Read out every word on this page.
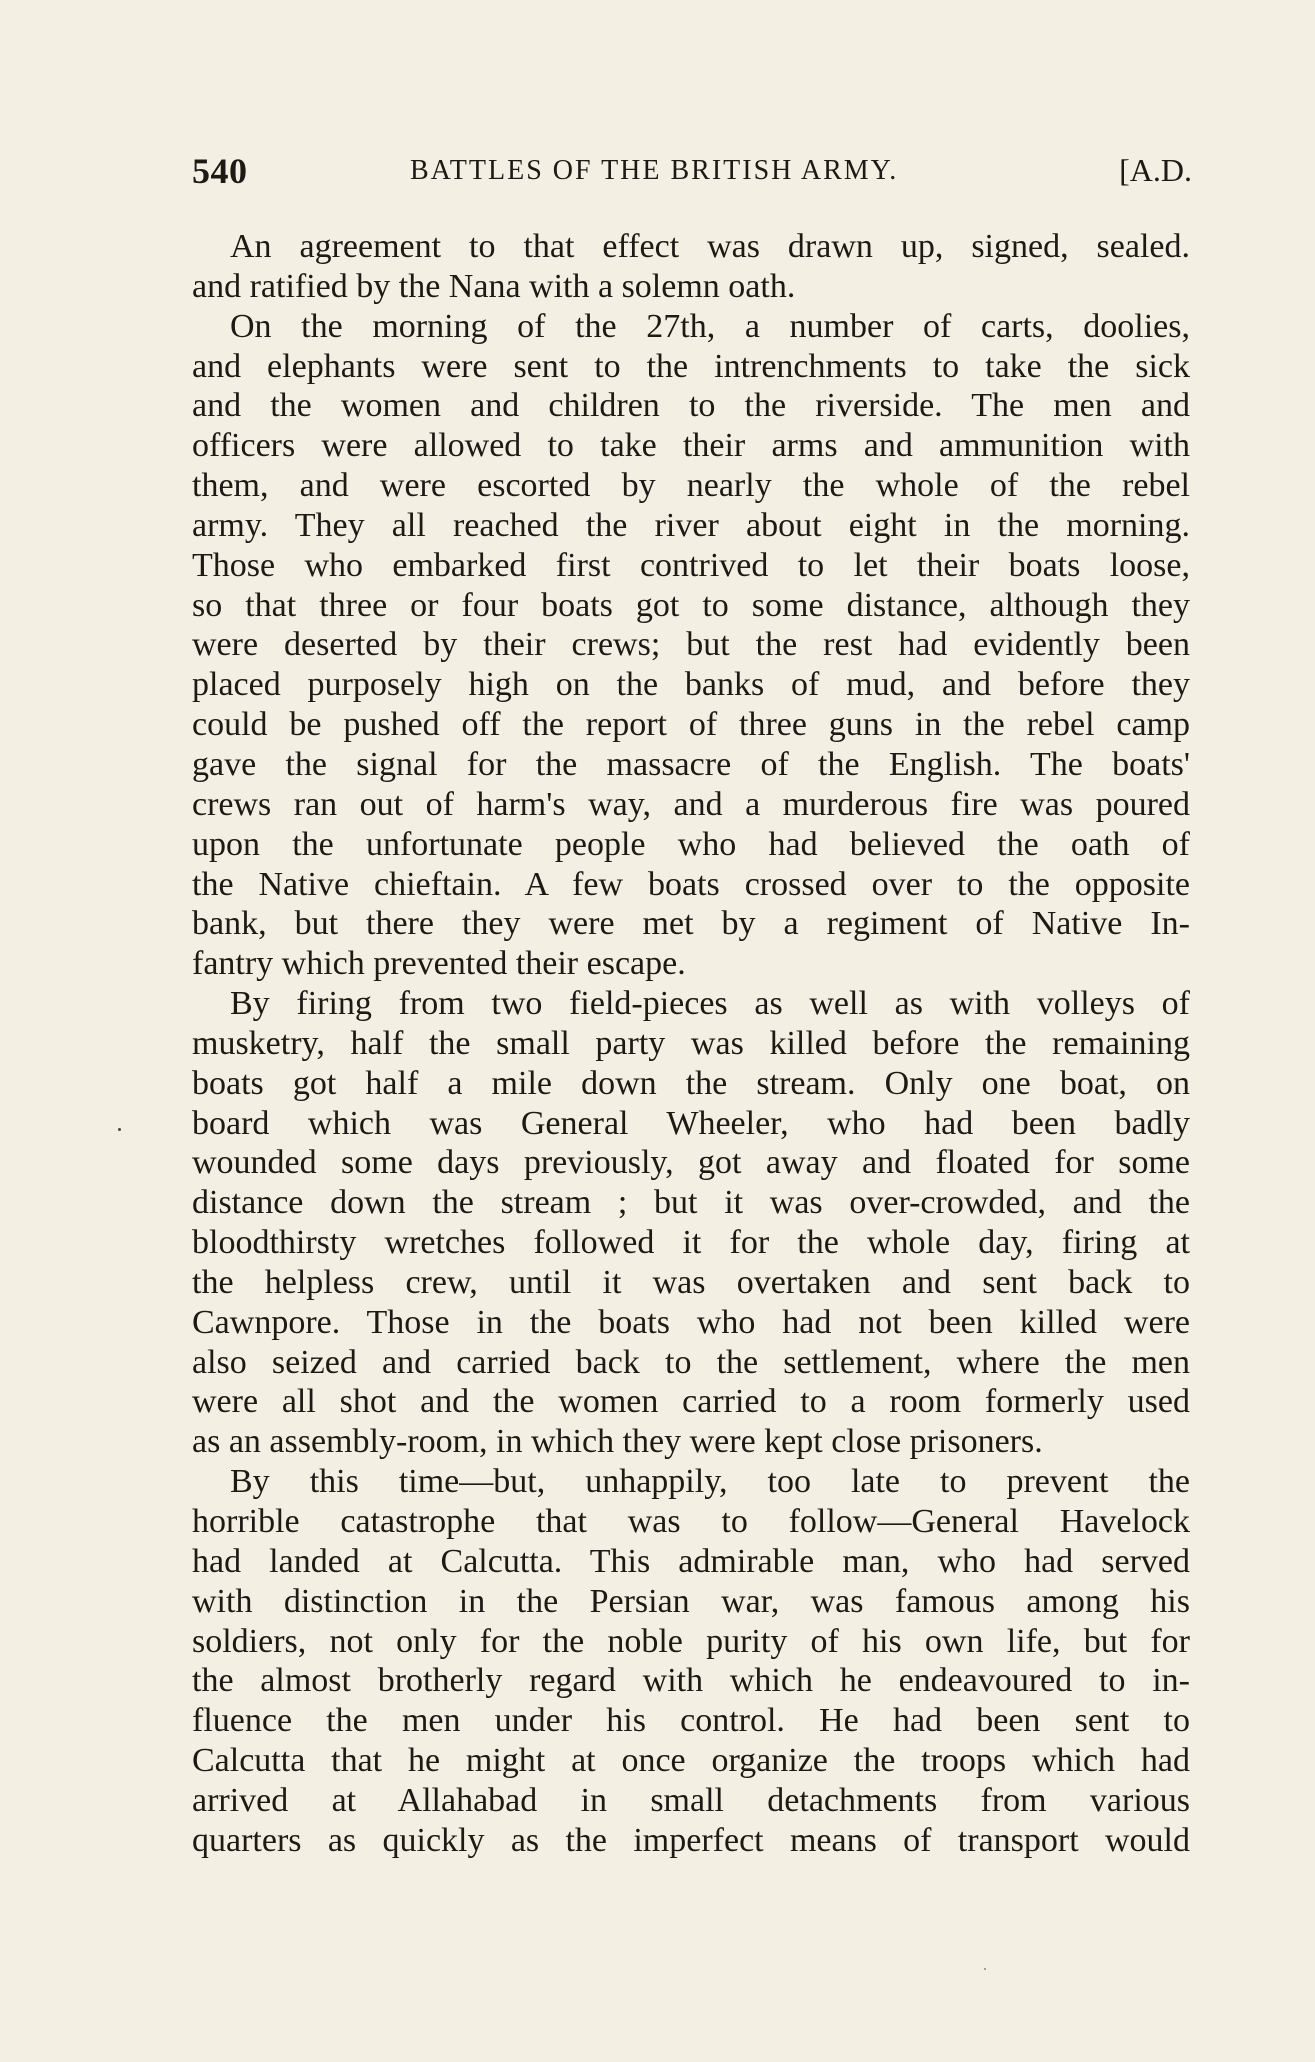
540	BATTLES OF THE BRITISH ARMY.	[A.D.
An agreement to that effect was drawn up, signed, sealed.
and ratified by the Nana with a solemn oath.
On the morning of the 27th, a number of carts, doolies,
and elephants were sent to the intrenchments to take the sick
and the women and children to the riverside. The men and
officers were allowed to take their arms and ammunition with
them, and were escorted by nearly the whole of the rebel
army. They all reached the river about eight in the morning.
Those who embarked first contrived to let their boats loose,
so that three or four boats got to some distance, although they
were deserted by their crews; but the rest had evidently been
placed purposely high on the banks of mud, and before they
could be pushed off the report of three guns in the rebel camp
gave the signal for the massacre of the English. The boats'
crews ran out of harm's way, and a murderous fire was poured
upon the unfortunate people who had believed the oath of
the Native chieftain. A few boats crossed over to the opposite
bank, but there they were met by a regiment of Native In-
fantry which prevented their escape.
By firing from two field-pieces as well as with volleys of
musketry, half the small party was killed before the remaining
boats got half a mile down the stream. Only one boat, on
board which was General Wheeler, who had been badly
wounded some days previously, got away and floated for some
distance down the stream ; but it was over-crowded, and the
bloodthirsty wretches followed it for the whole day, firing at
the helpless crew, until it was overtaken and sent back to
Cawnpore. Those in the boats who had not been killed were
also seized and carried back to the settlement, where the men
were all shot and the women carried to a room formerly used
as an assembly-room, in which they were kept close prisoners.
By this time—but, unhappily, too late to prevent the
horrible catastrophe that was to follow—General Havelock
had landed at Calcutta. This admirable man, who had served
with distinction in the Persian war, was famous among his
soldiers, not only for the noble purity of his own life, but for
the almost brotherly regard with which he endeavoured to in-
fluence the men under his control. He had been sent to
Calcutta that he might at once organize the troops which had
arrived at Allahabad in small detachments from various
quarters as quickly as the imperfect means of transport would
